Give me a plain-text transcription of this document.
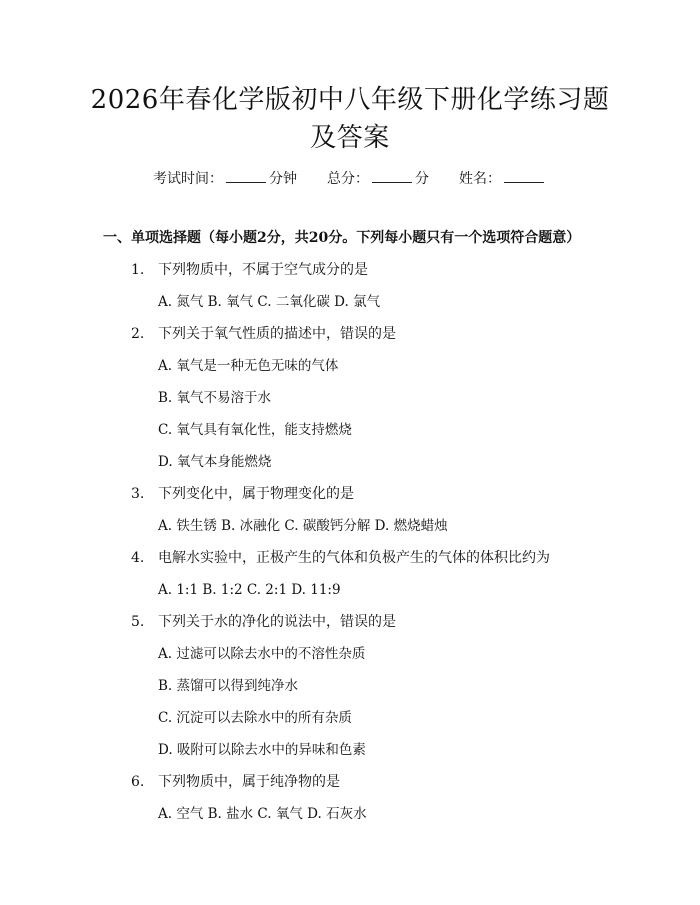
2026年春化学版初中八年级下册化学练习题
及答案
考试时间：	分钟 总分：	分 姓名：
一、单项选择题（每小题2分，共20分。下列每小题只有一个选项符合题意）
1. 下列物质中，不属于空气成分的是
A. 氮气 B. 氧气 C. 二氧化碳 D. 氯气
2. 下列关于氧气性质的描述中，错误的是
A. 氧气是一种无色无味的气体
B. 氧气不易溶于水
C. 氧气具有氧化性，能支持燃烧
D. 氧气本身能燃烧
3. 下列变化中，属于物理变化的是
A. 铁生锈 B. 冰融化 C. 碳酸钙分解 D. 燃烧蜡烛
4. 电解水实验中，正极产生的气体和负极产生的气体的体积比约为
A. 1:1 B. 1:2 C. 2:1 D. 11:9
5. 下列关于水的净化的说法中，错误的是
A. 过滤可以除去水中的不溶性杂质
B. 蒸馏可以得到纯净水
C. 沉淀可以去除水中的所有杂质
D. 吸附可以除去水中的异味和色素
6. 下列物质中，属于纯净物的是
A. 空气 B. 盐水 C. 氧气 D. 石灰水
